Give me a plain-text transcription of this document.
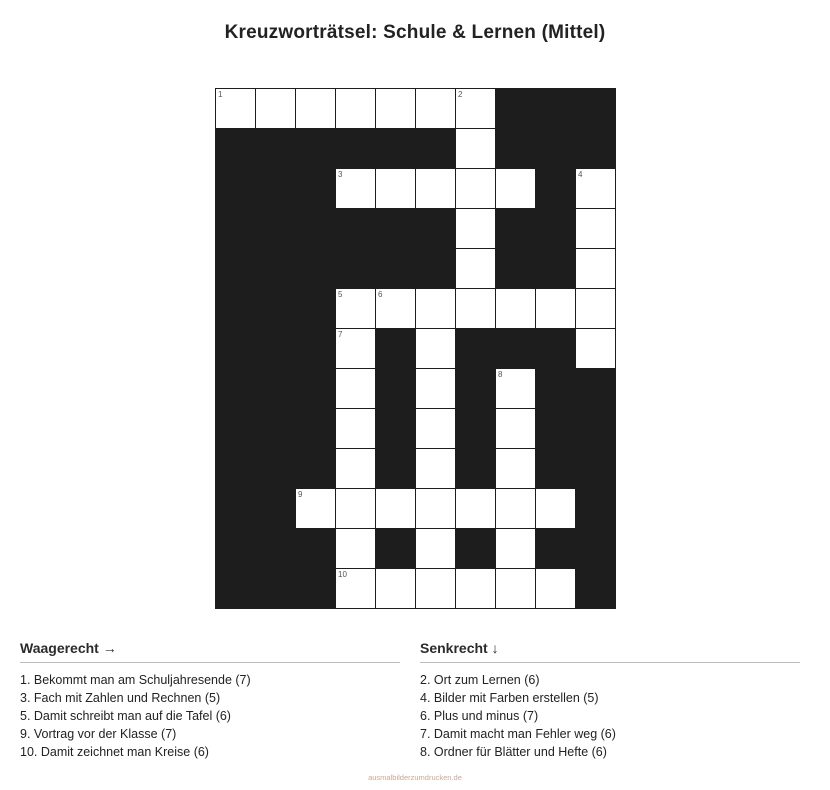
Kreuzworträtsel: Schule & Lernen (Mittel)
1						2			

			3						4

			5	6					

			7						

							8		

		9							

			10						

Waagerecht →
1. Bekommt man am Schuljahresende (7)
3. Fach mit Zahlen und Rechnen (5)
5. Damit schreibt man auf die Tafel (6)
9. Vortrag vor der Klasse (7)
10. Damit zeichnet man Kreise (6)
Senkrecht ↓
2. Ort zum Lernen (6)
4. Bilder mit Farben erstellen (5)
6. Plus und minus (7)
7. Damit macht man Fehler weg (6)
8. Ordner für Blätter und Hefte (6)
ausmalbilderzumdrucken.de
